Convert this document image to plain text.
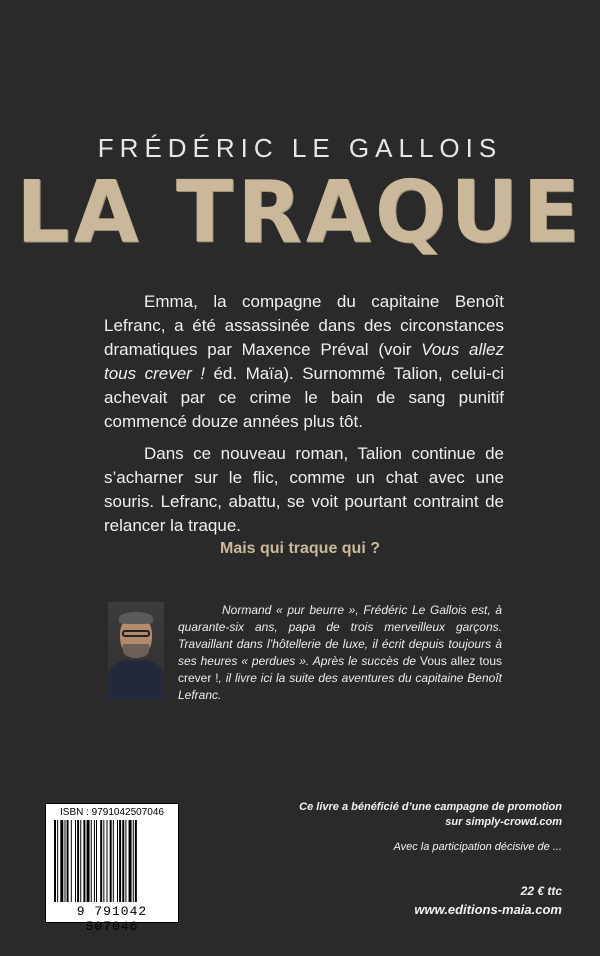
FRÉDÉRIC LE GALLOIS
LA TRAQUE

Emma, la compagne du capitaine Benoît Lefranc, a été assassinée dans des circonstances dramatiques par Maxence Préval (voir Vous allez tous crever ! éd. Maïa). Surnommé Talion, celui-ci achevait par ce crime le bain de sang punitif commencé douze années plus tôt.

Dans ce nouveau roman, Talion continue de s’acharner sur le flic, comme un chat avec une souris. Lefranc, abattu, se voit pourtant contraint de relancer la traque.

Mais qui traque qui ?

Normand « pur beurre », Frédéric Le Gallois est, à quarante-six ans, papa de trois merveilleux garçons. Travaillant dans l’hôtellerie de luxe, il écrit depuis toujours à ses heures « perdues ». Après le succès de Vous allez tous crever !, il livre ici la suite des aventures du capitaine Benoît Lefranc.

ISBN : 9791042507046
9 791042 507046
Ce livre a bénéficié d’une campagne de promotion
sur simply-crowd.com
Avec la participation décisive de ...
22 € ttc
www.editions-maia.com
